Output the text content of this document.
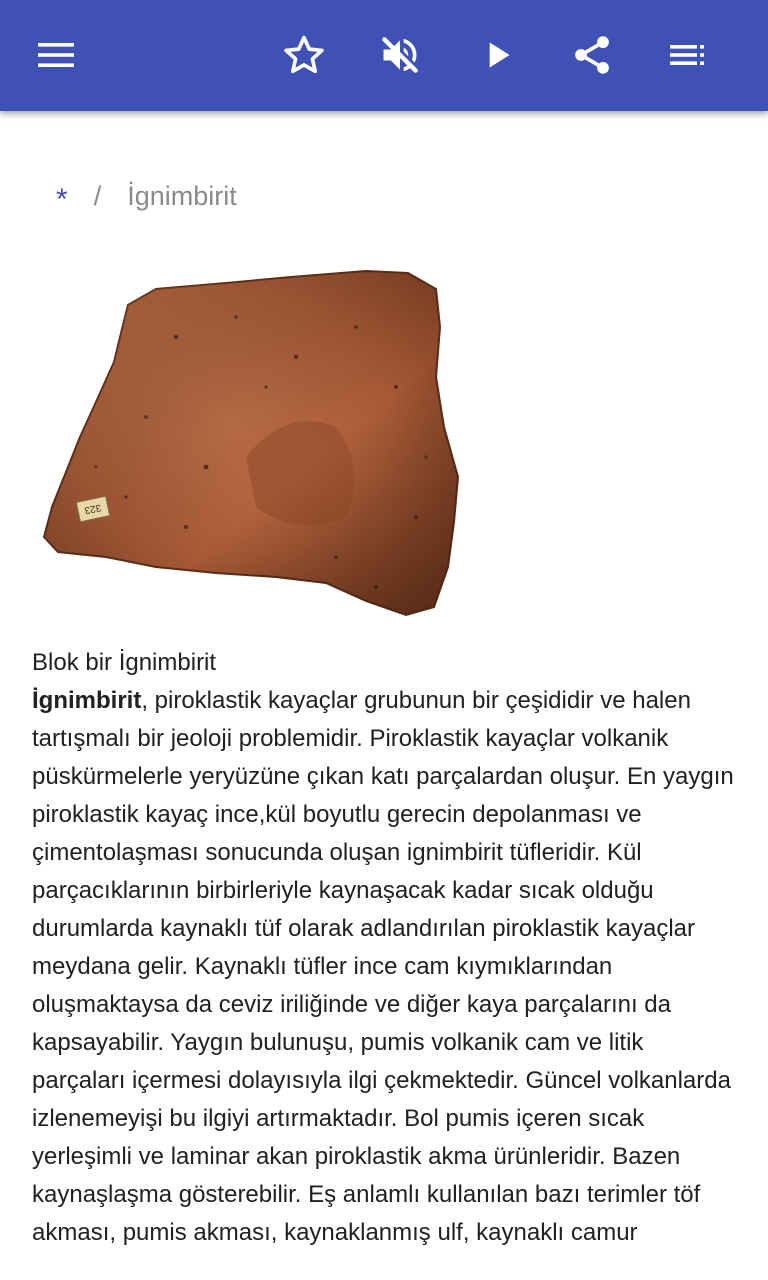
* / İgnimbirit
323
Blok bir İgnimbirit
İgnimbirit, piroklastik kayaçlar grubunun bir çeşididir ve halen tartışmalı bir jeoloji problemidir. Piroklastik kayaçlar volkanik püskürmelerle yeryüzüne çıkan katı parçalardan oluşur. En yaygın piroklastik kayaç ince,kül boyutlu gerecin depolanması ve çimentolaşması sonucunda oluşan ignimbirit tüfleridir. Kül parçacıklarının birbirleriyle kaynaşacak kadar sıcak olduğu durumlarda kaynaklı tüf olarak adlandırılan piroklastik kayaçlar meydana gelir. Kaynaklı tüfler ince cam kıymıklarından oluşmaktaysa da ceviz iriliğinde ve diğer kaya parçalarını da kapsayabilir. Yaygın bulunuşu, pumis volkanik cam ve litik parçaları içermesi dolayısıyla ilgi çekmektedir. Güncel volkanlarda izlenemeyişi bu ilgiyi artırmaktadır. Bol pumis içeren sıcak yerleşimli ve laminar akan piroklastik akma ürünleridir. Bazen kaynaşlaşma gösterebilir. Eş anlamlı kullanılan bazı terimler töf akması, pumis akması, kaynaklanmış ulf, kaynaklı camur
